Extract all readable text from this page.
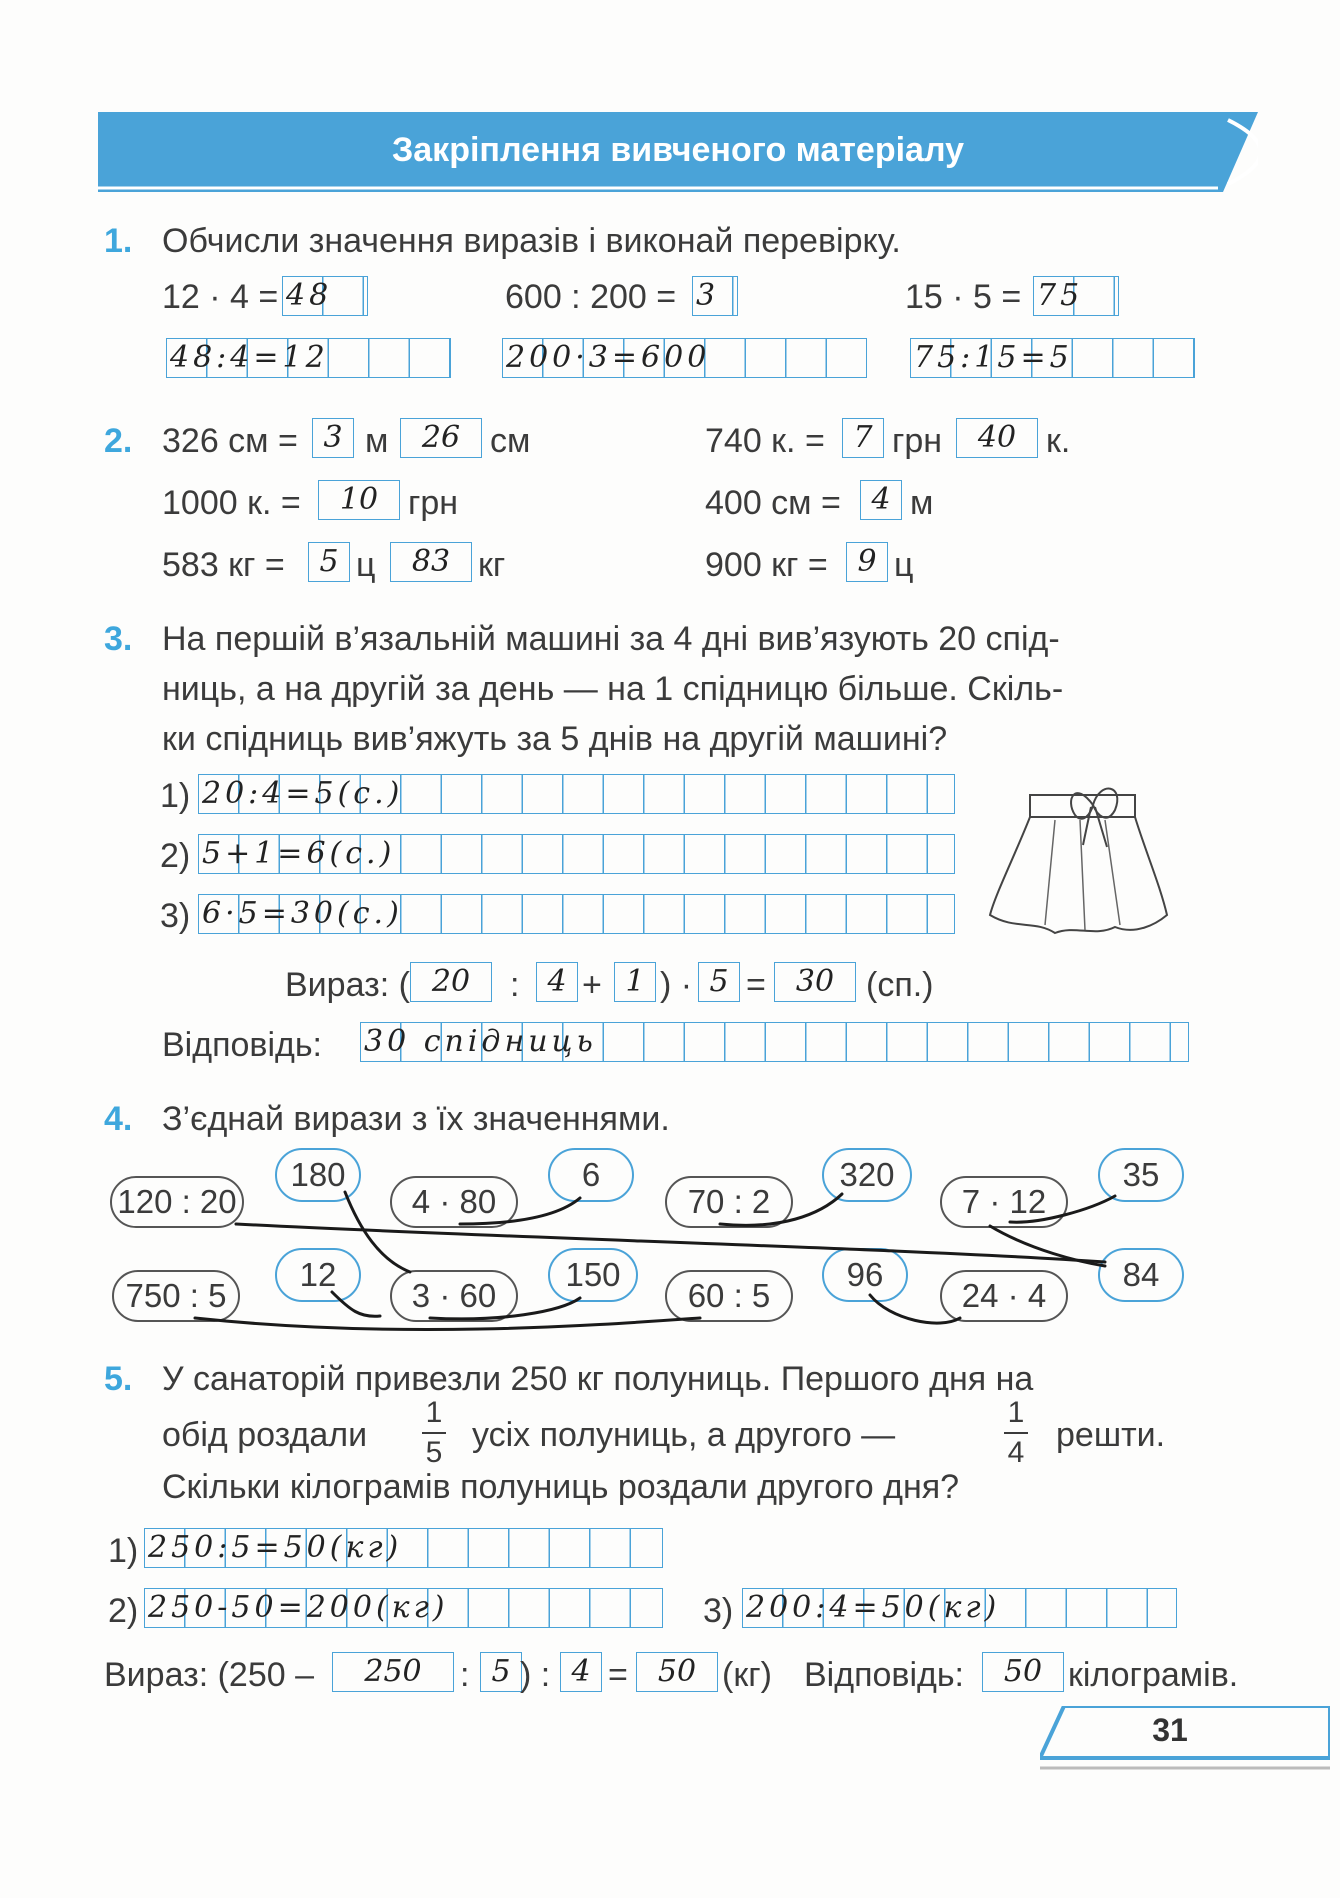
Закріплення вивченого матеріалу
1. Обчисли значення виразів і виконай перевірку.
12 · 4 = 48	600 : 200 = 3	15 · 5 = 75
48:4=12	200·3=600	75:15=5
2. 326 см = 3 м	26 см	740 к. = 7 грн	40 к.
1000 к. =	10 грн	400 см =	4 м
583 кг =	5 ц	83 кг	900 кг = 9 ц
3. На першій в’язальній машині за 4 дні вив’язують 20 спід-
ниць, а на другій за день — на 1 спідницю більше. Скіль-
ки спідниць вив’яжуть за 5 днів на другій машині?
1) 20:4=5(с.)
2) 5+1=6(с.)
3) 6·5=30(с.)
Вираз: ( 20	: 4 + 1 ) · 5 =	30 (сп.)
Відповідь: 30 спідниць
4. З’єднай вирази з їх значеннями.
120 : 20	4 · 80	70 : 2	7 · 12
180	6	320	35
750 : 5	3 · 60	60 : 5	24 · 4
12	150	96	84
5. У санаторій привезли 250 кг полуниць. Першого дня на
обід роздали
1
5 усіх полуниць, а другого —
1
4 решти.
Скільки кілограмів полуниць роздали другого дня?
1) 250:5=50(кг)
2) 250-50=200(кг)	3) 200:4=50(кг)
Вираз: (250 –	250	: 5 ) : 4 =	50 (кг) Відповідь:	50 кілограмів.
31
